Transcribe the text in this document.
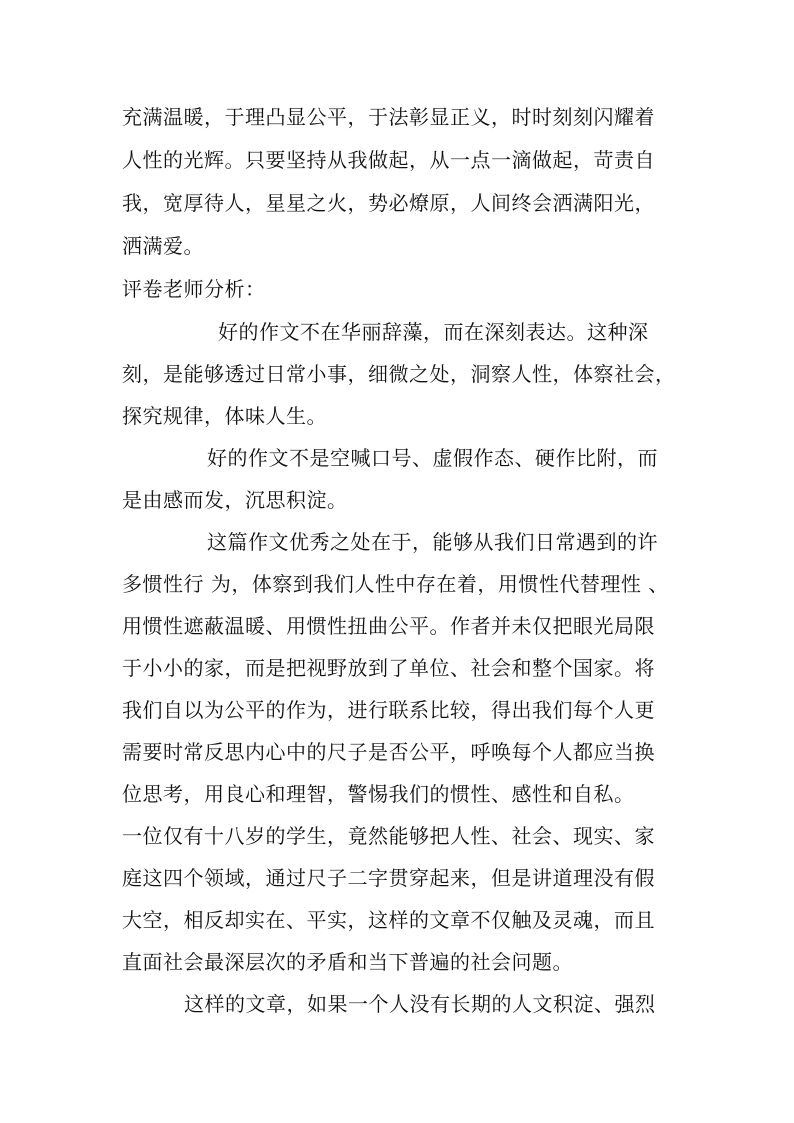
充满温暖，于理凸显公平，于法彰显正义，时时刻刻闪耀着
人性的光辉。只要坚持从我做起，从一点一滴做起，苛责自
我，宽厚待人，星星之火，势必燎原，人间终会洒满阳光，
洒满爱。
评卷老师分析：
好的作文不在华丽辞藻，而在深刻表达。这种深
刻，是能够透过日常小事，细微之处，洞察人性，体察社会，
探究规律，体味人生。
好的作文不是空喊口号、虚假作态、硬作比附，而
是由感而发，沉思积淀。
这篇作文优秀之处在于，能够从我们日常遇到的许
多惯性行 为，体察到我们人性中存在着，用惯性代替理性 、
用惯性遮蔽温暖、用惯性扭曲公平。作者并未仅把眼光局限
于小小的家，而是把视野放到了单位、社会和整个国家。将
我们自以为公平的作为，进行联系比较，得出我们每个人更
需要时常反思内心中的尺子是否公平，呼唤每个人都应当换
位思考，用良心和理智，警惕我们的惯性、感性和自私。
一位仅有十八岁的学生，竟然能够把人性、社会、现实、家
庭这四个领域，通过尺子二字贯穿起来，但是讲道理没有假
大空，相反却实在、平实，这样的文章不仅触及灵魂，而且
直面社会最深层次的矛盾和当下普遍的社会问题。
这样的文章，如果一个人没有长期的人文积淀、强烈
